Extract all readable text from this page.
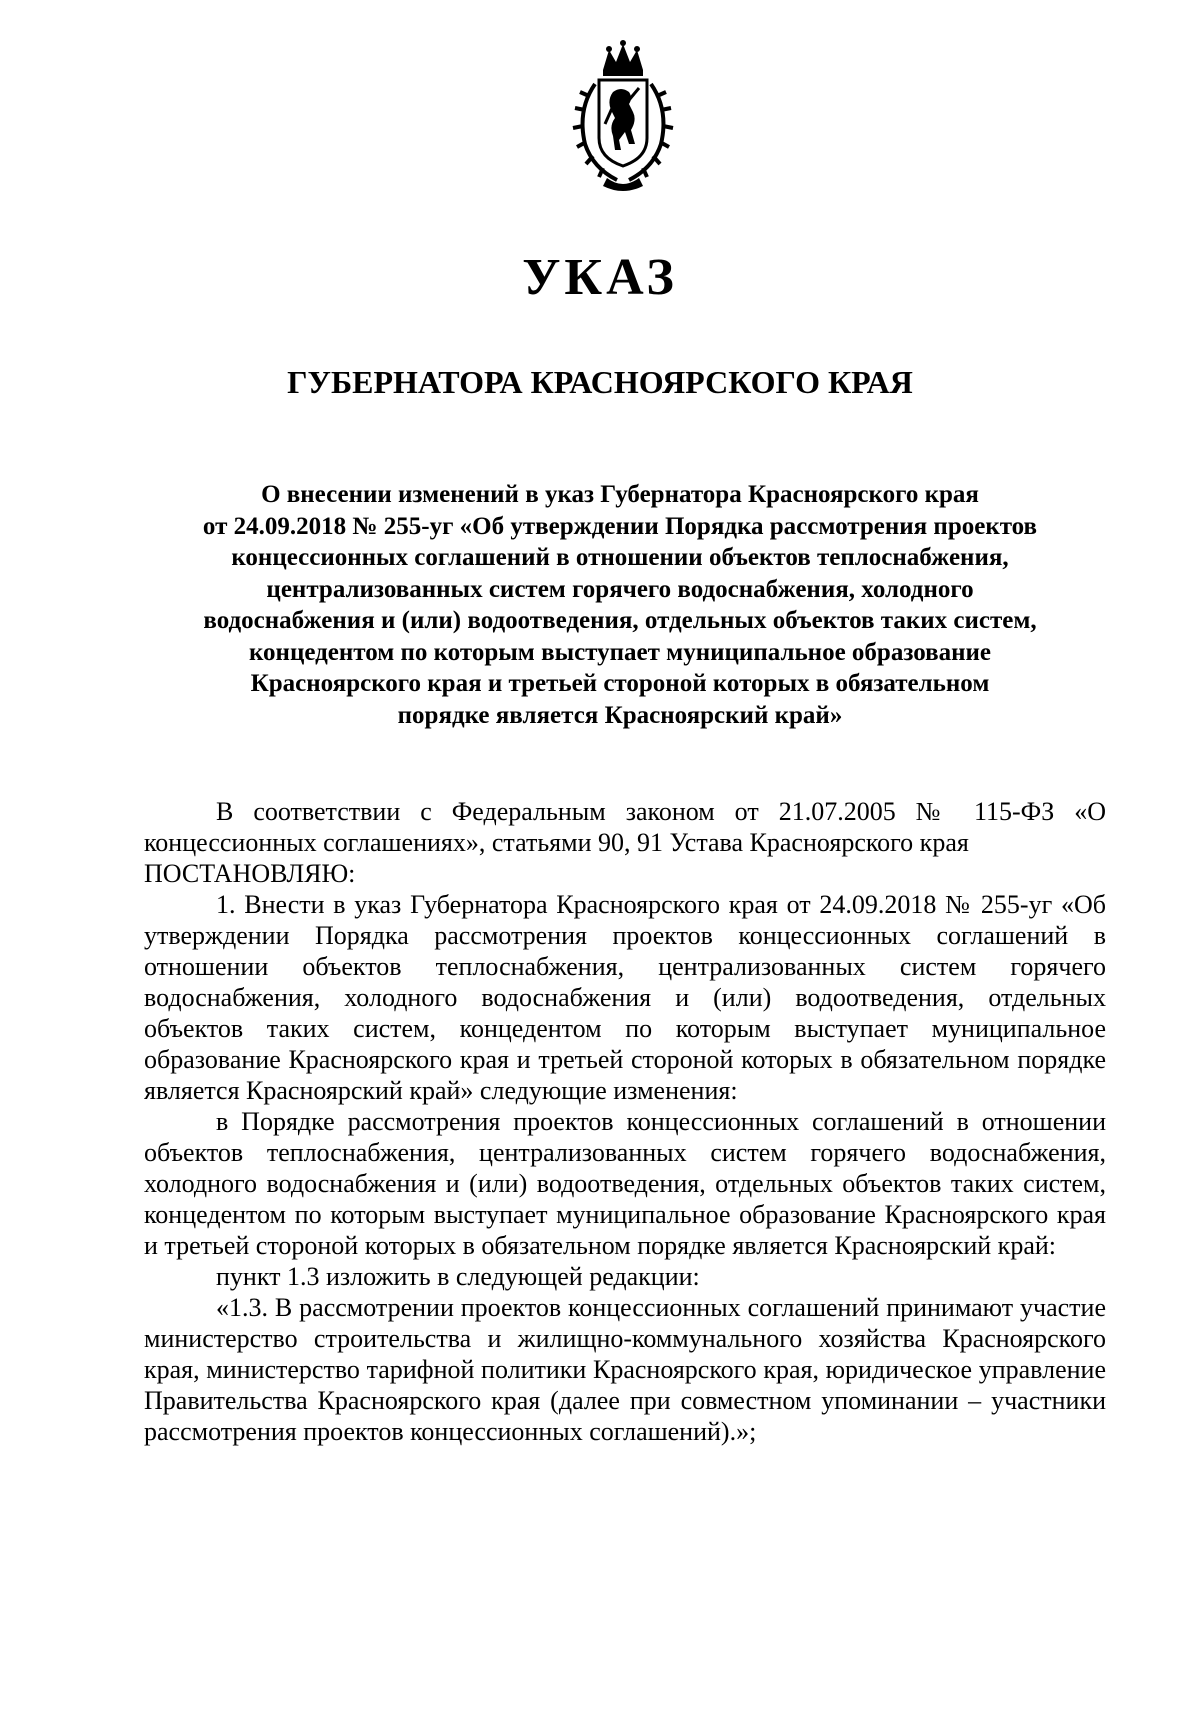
УКАЗ
ГУБЕРНАТОРА КРАСНОЯРСКОГО КРАЯ
О внесении изменений в указ Губернатора Красноярского края
от 24.09.2018 № 255-уг «Об утверждении Порядка рассмотрения проектов
концессионных соглашений в отношении объектов теплоснабжения,
централизованных систем горячего водоснабжения, холодного
водоснабжения и (или) водоотведения, отдельных объектов таких систем,
концедентом по которым выступает муниципальное образование
Красноярского края и третьей стороной которых в обязательном
порядке является Красноярский край»

В соответствии с Федеральным законом от 21.07.2005 № 115-ФЗ «О концессионных соглашениях», статьями 90, 91 Устава Красноярского края

ПОСТАНОВЛЯЮ:

1. Внести в указ Губернатора Красноярского края от 24.09.2018 № 255-уг «Об утверждении Порядка рассмотрения проектов концессионных соглашений в отношении объектов теплоснабжения, централизованных систем горячего водоснабжения, холодного водоснабжения и (или) водоотведения, отдельных объектов таких систем, концедентом по которым выступает муниципальное образование Красноярского края и третьей стороной которых в обязательном порядке является Красноярский край» следующие изменения:

в Порядке рассмотрения проектов концессионных соглашений в отношении объектов теплоснабжения, централизованных систем горячего водоснабжения, холодного водоснабжения и (или) водоотведения, отдельных объектов таких систем, концедентом по которым выступает муниципальное образование Красноярского края и третьей стороной которых в обязательном порядке является Красноярский край:

пункт 1.3 изложить в следующей редакции:

«1.3. В рассмотрении проектов концессионных соглашений принимают участие министерство строительства и жилищно-коммунального хозяйства Красноярского края, министерство тарифной политики Красноярского края, юридическое управление Правительства Красноярского края (далее при совместном упоминании – участники рассмотрения проектов концессионных соглашений).»;
